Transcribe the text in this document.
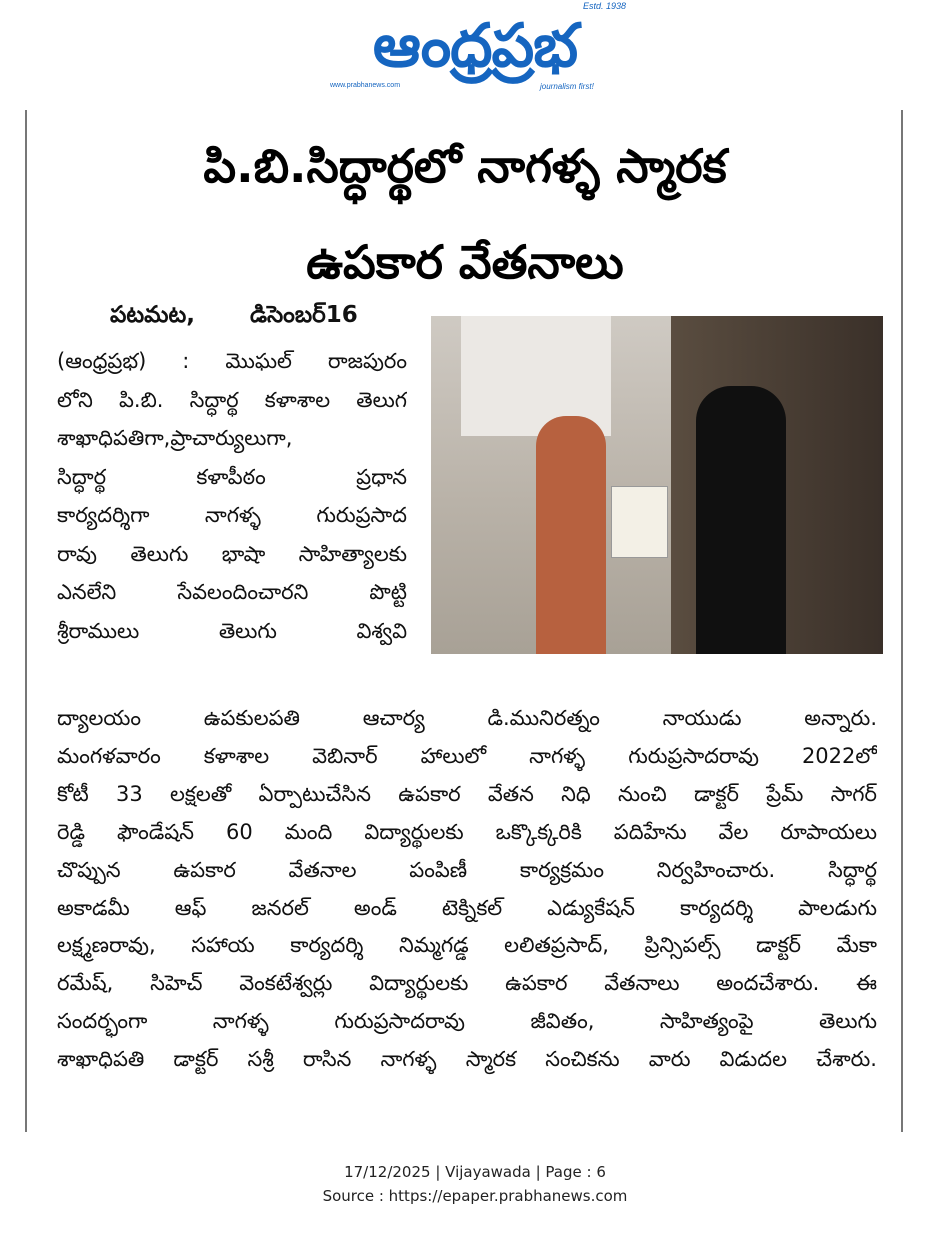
ఆంధ్రప్రభ
Estd. 1938
www.prabhanews.com	journalism first!
పి.బి.సిద్ధార్థలో నాగళ్ళ స్మారక
ఉపకార వేతనాలు
పటమట, డిసెంబర్16
(ఆంధ్రప్రభ) : మొఘల్ రాజపురం
లోని పి.బి. సిద్ధార్థ కళాశాల తెలుగ
శాఖాధిపతిగా,ప్రాచార్యులుగా,
సిద్ధార్థ కళాపీఠం ప్రధాన
కార్యదర్శిగా నాగళ్ళ గురుప్రసాద
రావు తెలుగు భాషా సాహిత్యాలకు
ఎనలేని సేవలందించారని పొట్టి
శ్రీరాములు తెలుగు విశ్వవి
ద్యాలయం ఉపకులపతి ఆచార్య డి.మునిరత్నం నాయుడు అన్నారు.
మంగళవారం కళాశాల వెబినార్ హాలులో నాగళ్ళ గురుప్రసాదరావు 2022లో
కోటీ 33 లక్షలతో ఏర్పాటుచేసిన ఉపకార వేతన నిధి నుంచి డాక్టర్ ప్రేమ్ సాగర్
రెడ్డి ఫౌండేషన్ 60 మంది విద్యార్థులకు ఒక్కొక్కరికి పదిహేను వేల రూపాయలు
చొప్పున ఉపకార వేతనాల పంపిణీ కార్యక్రమం నిర్వహించారు. సిద్ధార్థ
అకాడమీ ఆఫ్ జనరల్ అండ్ టెక్నికల్ ఎడ్యుకేషన్ కార్యదర్శి పాలడుగు
లక్ష్మణరావు, సహాయ కార్యదర్శి నిమ్మగడ్డ లలితప్రసాద్, ప్రిన్సిపల్స్ డాక్టర్ మేకా
రమేష్, సిహెచ్ వెంకటేశ్వర్లు విద్యార్థులకు ఉపకార వేతనాలు అందచేశారు. ఈ
సందర్భంగా నాగళ్ళ గురుప్రసాదరావు జీవితం, సాహిత్యంపై తెలుగు
శాఖాధిపతి డాక్టర్ సశ్రీ రాసిన నాగళ్ళ స్మారక సంచికను వారు విడుదల చేశారు.
17/12/2025 | Vijayawada | Page : 6
Source : https://epaper.prabhanews.com
